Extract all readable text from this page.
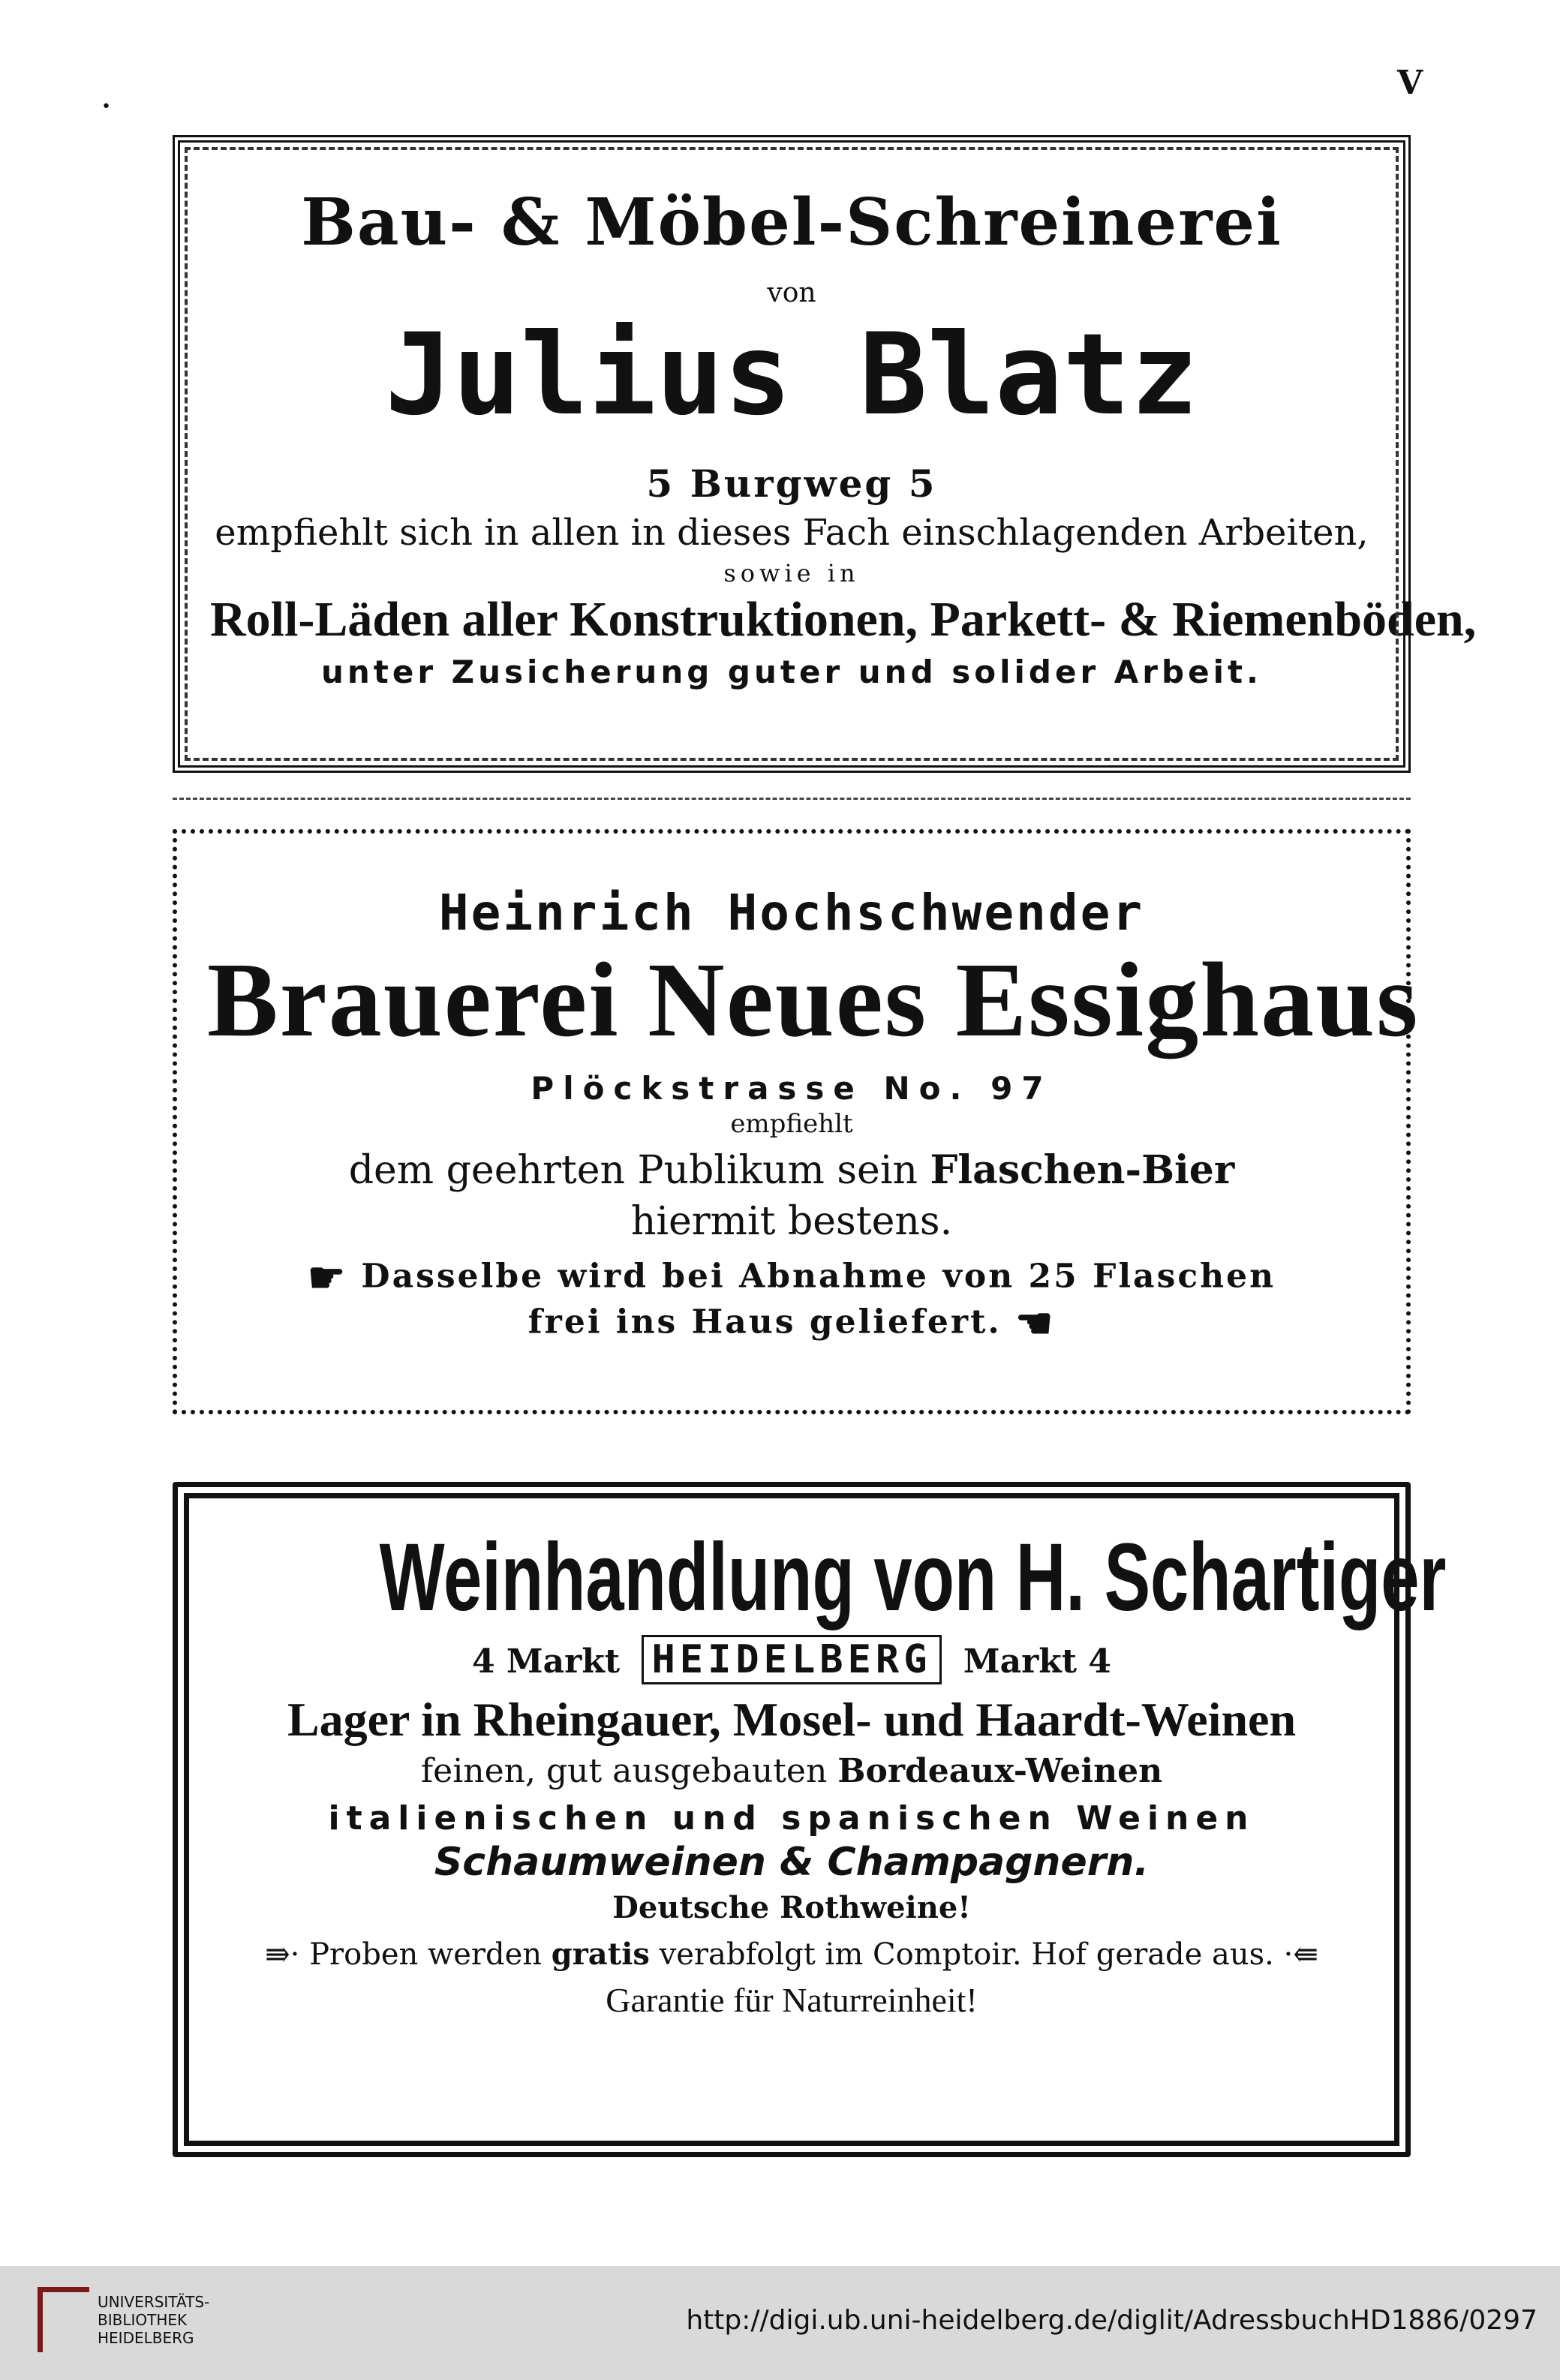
V
•
Bau- & Möbel-Schreinerei
von
Julius Blatz
5 Burgweg 5
empfiehlt sich in allen in dieses Fach einschlagenden Arbeiten,
sowie in
Roll-Läden aller Konstruktionen, Parkett- & Riemenböden,
unter Zusicherung guter und solider Arbeit.
Heinrich Hochschwender
Brauerei Neues Essighaus
Plöckstrasse No. 97
empfiehlt
dem geehrten Publikum sein Flaschen-Bier
hiermit bestens.
☛ Dasselbe wird bei Abnahme von 25 Flaschen
frei ins Haus geliefert. ☚
Weinhandlung von H. Schartiger
4 Markt HEIDELBERG Markt 4
Lager in Rheingauer, Mosel- und Haardt-Weinen
feinen, gut ausgebauten Bordeaux-Weinen
italienischen und spanischen Weinen
Schaumweinen & Champagnern.
Deutsche Rothweine!
⇛· Proben werden gratis verabfolgt im Comptoir. Hof gerade aus. ·⇚
Garantie für Naturreinheit!
UNIVERSITÄTS-
BIBLIOTHEK
HEIDELBERG
http://digi.ub.uni-heidelberg.de/diglit/AdressbuchHD1886/0297
